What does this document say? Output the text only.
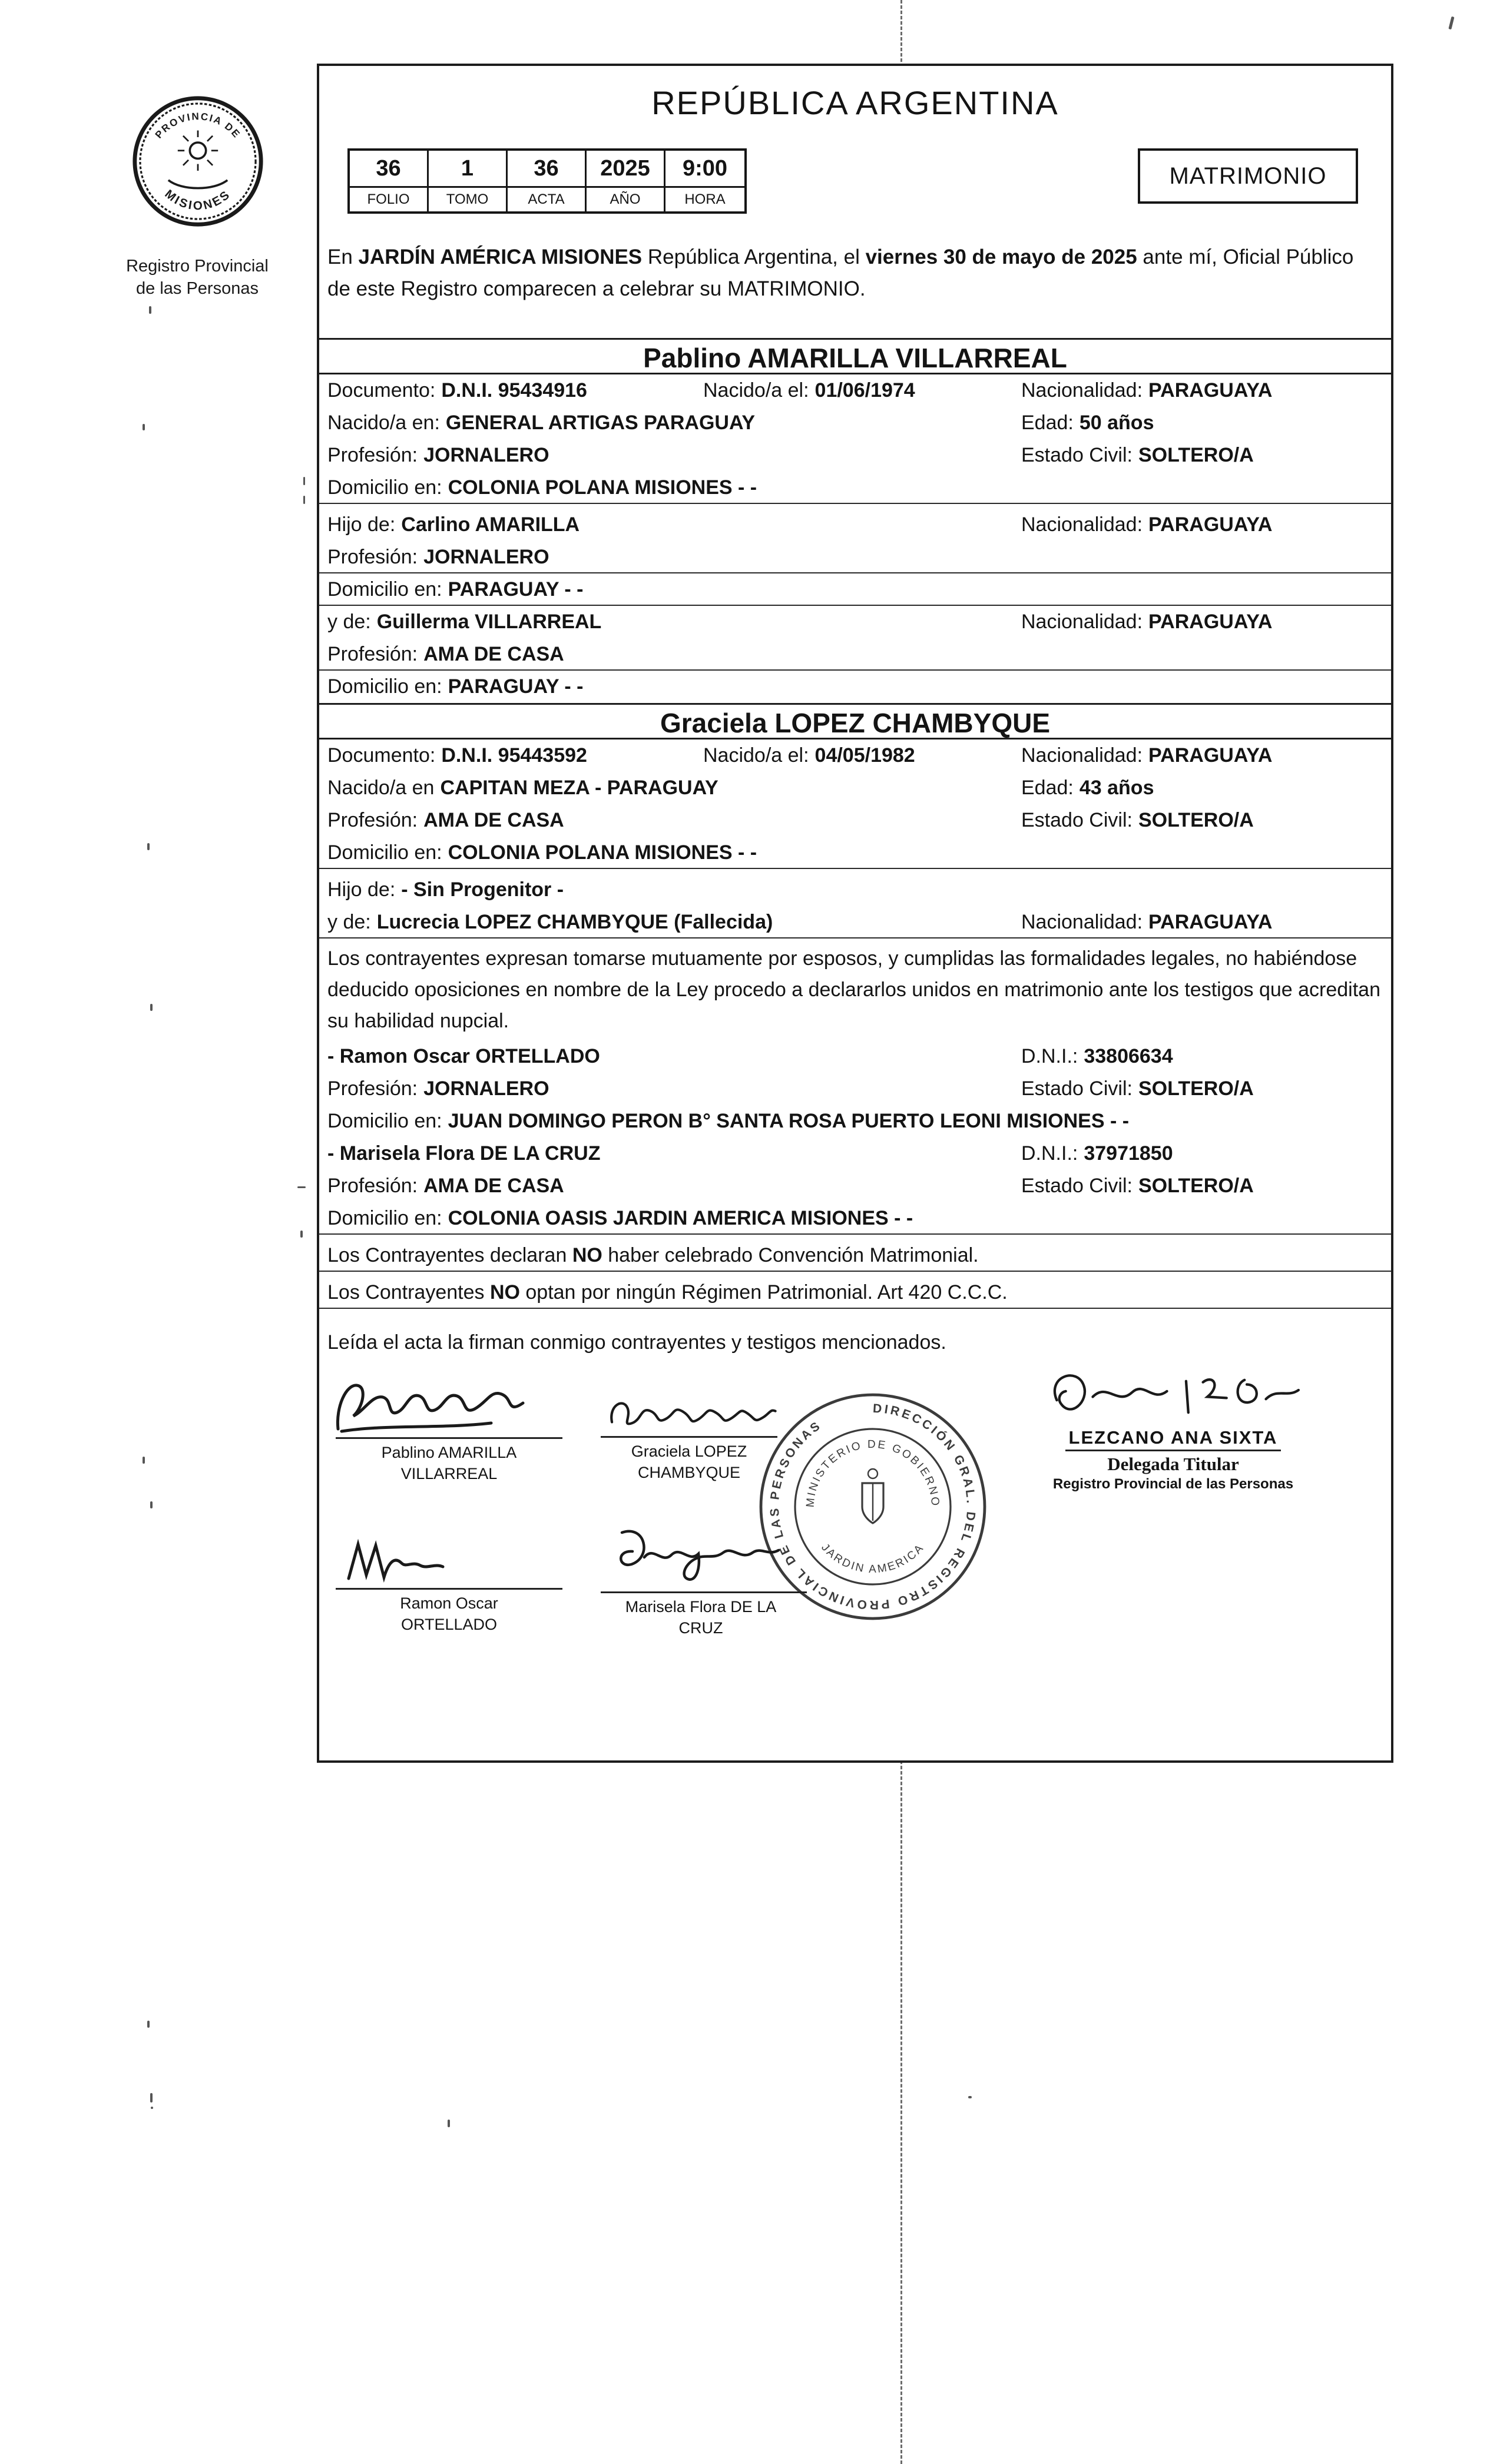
PROVINCIA DE
MISIONES
Registro Provincial
de las Personas
REPÚBLICA ARGENTINA
36	1	36	2025	9:00
FOLIO	TOMO	ACTA	AÑO	HORA
MATRIMONIO
En JARDÍN AMÉRICA MISIONES República Argentina, el viernes 30 de mayo de 2025 ante mí, Oficial Público de este Registro comparecen a celebrar su MATRIMONIO.
Pablino AMARILLA VILLARREAL
Documento: D.N.I. 95434916	Nacido/a el: 01/06/1974	Nacionalidad: PARAGUAYA
Nacido/a en: GENERAL ARTIGAS PARAGUAY	Edad: 50 años
Profesión: JORNALERO	Estado Civil: SOLTERO/A
Domicilio en: COLONIA POLANA MISIONES - -
Hijo de: Carlino AMARILLA	Nacionalidad: PARAGUAYA
Profesión: JORNALERO
Domicilio en: PARAGUAY - -
y de: Guillerma VILLARREAL	Nacionalidad: PARAGUAYA
Profesión: AMA DE CASA
Domicilio en: PARAGUAY - -
Graciela LOPEZ CHAMBYQUE
Documento: D.N.I. 95443592	Nacido/a el: 04/05/1982	Nacionalidad: PARAGUAYA
Nacido/a en CAPITAN MEZA - PARAGUAY	Edad: 43 años
Profesión: AMA DE CASA	Estado Civil: SOLTERO/A
Domicilio en: COLONIA POLANA MISIONES - -
Hijo de: - Sin Progenitor -
y de: Lucrecia LOPEZ CHAMBYQUE (Fallecida)	Nacionalidad: PARAGUAYA
Los contrayentes expresan tomarse mutuamente por esposos, y cumplidas las formalidades legales, no habiéndose deducido oposiciones en nombre de la Ley procedo a declararlos unidos en matrimonio ante los testigos que acreditan su habilidad nupcial.
- Ramon Oscar ORTELLADO	D.N.I.: 33806634
Profesión: JORNALERO	Estado Civil: SOLTERO/A
Domicilio en: JUAN DOMINGO PERON B° SANTA ROSA PUERTO LEONI MISIONES - -
- Marisela Flora DE LA CRUZ	D.N.I.: 37971850
Profesión: AMA DE CASA	Estado Civil: SOLTERO/A
Domicilio en: COLONIA OASIS JARDIN AMERICA MISIONES - -
Los Contrayentes declaran NO haber celebrado Convención Matrimonial.
Los Contrayentes NO optan por ningún Régimen Patrimonial. Art 420 C.C.C.
Leída el acta la firman conmigo contrayentes y testigos mencionados.
Pablino AMARILLA
VILLARREAL
Graciela LOPEZ
CHAMBYQUE
DIRECCIÓN GRAL. DEL REGISTRO PROVINCIAL DE LAS PERSONAS
MINISTERIO DE GOBIERNO
JARDIN AMERICA
LEZCANO ANA SIXTA
Delegada Titular
Registro Provincial de las Personas
Ramon Oscar
ORTELLADO
Marisela Flora DE LA
CRUZ
